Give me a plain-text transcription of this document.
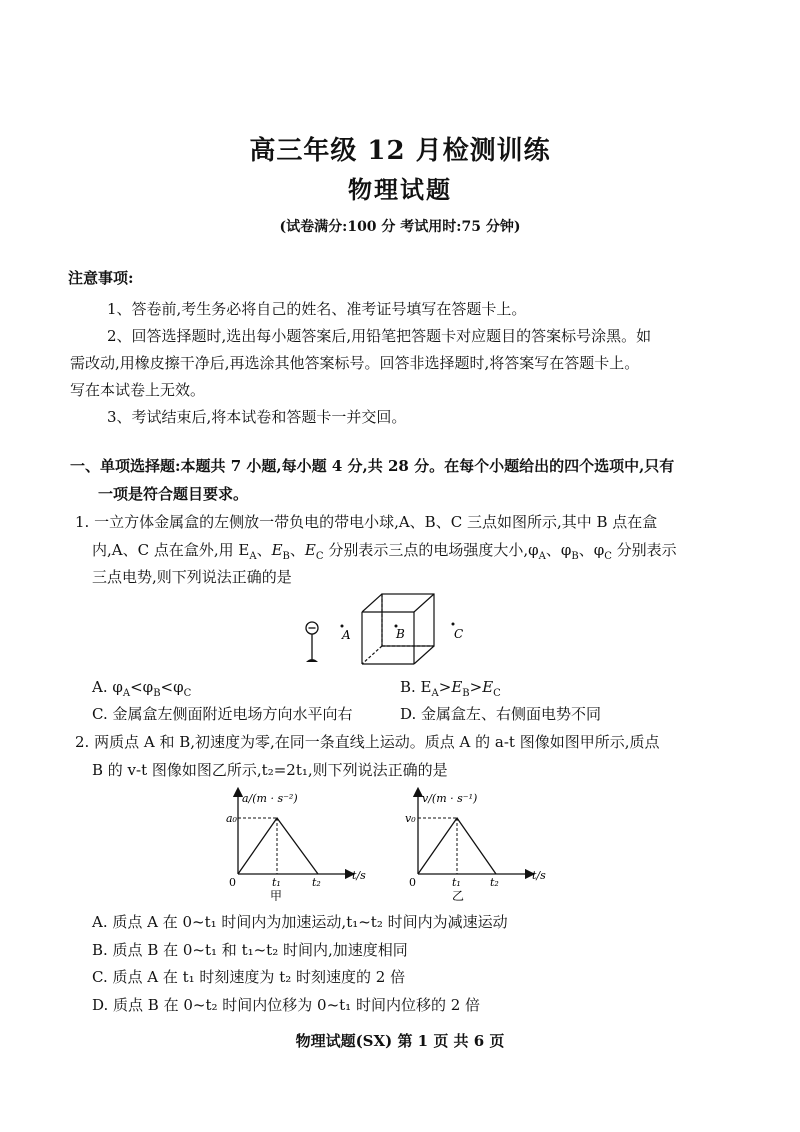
高三年级 12 月检测训练
物理试题
(试卷满分:100 分 考试用时:75 分钟)
注意事项:
1、答卷前,考生务必将自己的姓名、准考证号填写在答题卡上。
2、回答选择题时,选出每小题答案后,用铅笔把答题卡对应题目的答案标号涂黑。如
需改动,用橡皮擦干净后,再选涂其他答案标号。回答非选择题时,将答案写在答题卡上。
写在本试卷上无效。
3、考试结束后,将本试卷和答题卡一并交回。
一、单项选择题:本题共 7 小题,每小题 4 分,共 28 分。在每个小题给出的四个选项中,只有
一项是符合题目要求。
1. 一立方体金属盒的左侧放一带负电的带电小球,A、B、C 三点如图所示,其中 B 点在盒
内,A、C 点在盒外,用 $E_A$、$E_B$、$E_C$ 分别表示三点的电场强度大小$,\varphi_A$、$\varphi_B$、$\varphi_C$ 分别表示
三点电势,则下列说法正确的是
A	B	C
A. $\varphi_A<\varphi_B<\varphi_C$	B. $E_A>E_B>E_C$
C. 金属盒左侧面附近电场方向水平向右	D. 金属盒左、右侧面电势不同
2. 两质点 A 和 B,初速度为零,在同一条直线上运动。质点 A 的 a-t 图像如图甲所示,质点
B 的 v-t 图像如图乙所示,t₂=2t₁,则下列说法正确的是
a/(m · s⁻²)
t/s
a₀
0	t₁	t₂
甲
v/(m · s⁻¹)
t/s
v₀
0	t₁	t₂
乙
A. 质点 A 在 0~t₁ 时间内为加速运动,t₁~t₂ 时间内为减速运动
B. 质点 B 在 0~t₁ 和 t₁~t₂ 时间内,加速度相同
C. 质点 A 在 t₁ 时刻速度为 t₂ 时刻速度的 2 倍
D. 质点 B 在 0~t₂ 时间内位移为 0~t₁ 时间内位移的 2 倍
物理试题(SX) 第 1 页 共 6 页
